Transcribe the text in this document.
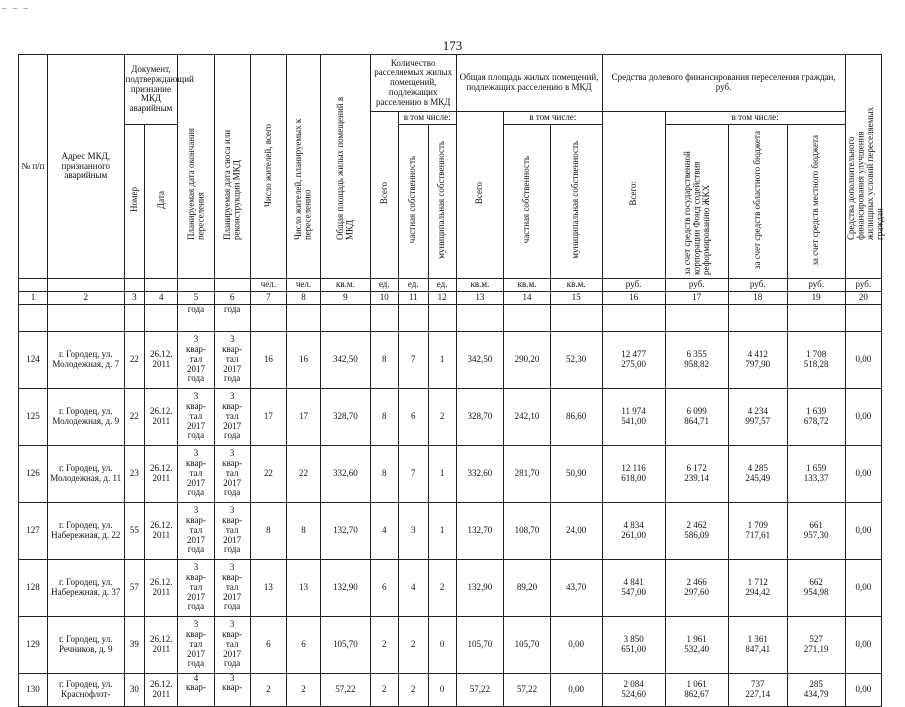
_ _ _
173
№ п/п	Адрес МКД, признанного аварийным	Документ, подтверждающий признание МКД аварийным		Планируемая дата окончания переселения	Планируемая дата сноса или реконструкции МКД	Число жителей, всего	Число жителей, планируемых к переселению	Общая площадь жилых помещений в МКД	Количество расселяемых жилых помещений, подлежащих расселению в МКД			Общая площадь жилых помещений, подлежащих расселению в МКД			Средства долевого финансирования переселения граждан, руб.				Средства дополнительного финансирования улучшения жилищных условий переселяемых граждан
									Всего	в том числе:		Всего	в том числе:		Всего:	в том числе:			
		Номер	Дата							частная собственность	муниципальная собственность		частная собственность	муниципальная собственность		за счет средств государственной корпорации Фонд содействия реформированию ЖКХ	за счет средств областного бюджета	за счет средств местного бюджета	

						чел.	чел.	кв.м.	ед.	ед.	ед.	кв.м.	кв.м.	кв.м.	руб.	руб.	руб.	руб.	руб.
1	2	3	4	5	6	7	8	9	10	11	12	13	14	15	16	17	18	19	20
				года	года														
124	г. Городец, ул. Молодежная, д. 7	22	26.12. 2011	3
квар-
тал
2017
года	3
квар-
тал
2017
года	16	16	342,50	8	7	1	342,50	290,20	52,30	12 477
275,00	6 355
958,82	4 412
797,90	1 708
518,28	0,00
125	г. Городец, ул. Молодежная, д. 9	22	26.12. 2011	3
квар-
тал
2017
года	3
квар-
тал
2017
года	17	17	328,70	8	6	2	328,70	242,10	86,60	11 974
541,00	6 099
864,71	4 234
997,57	1 639
678,72	0,00
126	г. Городец, ул. Молодежная, д. 11	23	26.12. 2011	3
квар-
тал
2017
года	3
квар-
тал
2017
года	22	22	332,60	8	7	1	332,60	281,70	50,90	12 116
618,00	6 172
239,14	4 285
245,49	1 659
133,37	0,00
127	г. Городец, ул. Набережная, д. 22	55	26.12. 2011	3
квар-
тал
2017
года	3
квар-
тал
2017
года	8	8	132,70	4	3	1	132,70	108,70	24,00	4 834
261,00	2 462
586,09	1 709
717,61	661
957,30	0,00
128	г. Городец, ул. Набережная, д. 37	57	26.12. 2011	3
квар-
тал
2017
года	3
квар-
тал
2017
года	13	13	132,90	6	4	2	132,90	89,20	43,70	4 841
547,00	2 466
297,60	1 712
294,42	662
954,98	0,00
129	г. Городец, ул. Речников, д. 9	39	26.12. 2011	3
квар-
тал
2017
года	3
квар-
тал
2017
года	6	6	105,70	2	2	0	105,70	105,70	0,00	3 850
651,00	1 961
532,40	1 361
847,41	527
271,19	0,00
130	г. Городец, ул. Краснофлот-	30	26.12. 2011	4
квар-	3
квар-	2	2	57,22	2	2	0	57,22	57,22	0,00	2 084
524,60	1 061
862,67	737
227,14	285
434,79	0,00
